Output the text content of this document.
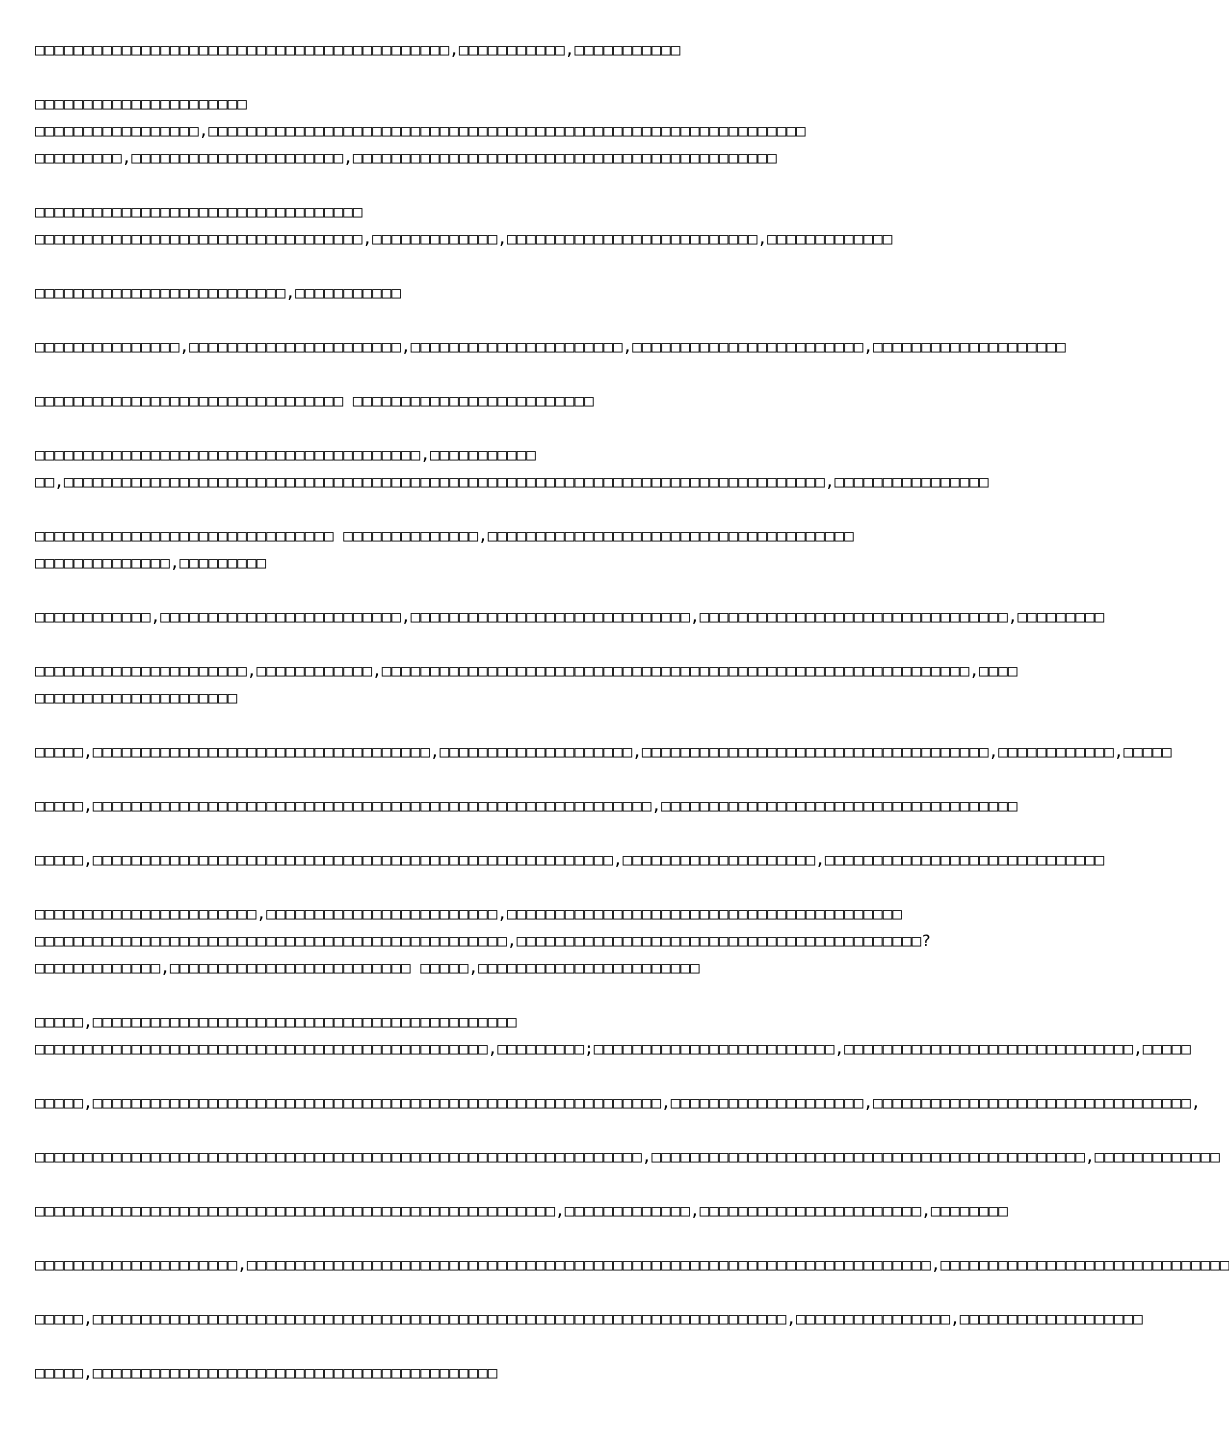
□□□□□□□□□□□□□□□□□□□□□□□□□□□□□□□□□□□□□□□□□□□,□□□□□□□□□□□,□□□□□□□□□□□
□□□□□□□□□□□□□□□□□□□□□□
□□□□□□□□□□□□□□□□□,□□□□□□□□□□□□□□□□□□□□□□□□□□□□□□□□□□□□□□□□□□□□□□□□□□□□□□□□□□□□□□
□□□□□□□□□,□□□□□□□□□□□□□□□□□□□□□□,□□□□□□□□□□□□□□□□□□□□□□□□□□□□□□□□□□□□□□□□□□□□
□□□□□□□□□□□□□□□□□□□□□□□□□□□□□□□□□□
□□□□□□□□□□□□□□□□□□□□□□□□□□□□□□□□□□,□□□□□□□□□□□□□,□□□□□□□□□□□□□□□□□□□□□□□□□□,□□□□□□□□□□□□□
□□□□□□□□□□□□□□□□□□□□□□□□□□,□□□□□□□□□□□
□□□□□□□□□□□□□□□,□□□□□□□□□□□□□□□□□□□□□□,□□□□□□□□□□□□□□□□□□□□□□,□□□□□□□□□□□□□□□□□□□□□□□□,□□□□□□□□□□□□□□□□□□□□
□□□□□□□□□□□□□□□□□□□□□□□□□□□□□□□□ □□□□□□□□□□□□□□□□□□□□□□□□□
□□□□□□□□□□□□□□□□□□□□□□□□□□□□□□□□□□□□□□□□,□□□□□□□□□□□
□□,□□□□□□□□□□□□□□□□□□□□□□□□□□□□□□□□□□□□□□□□□□□□□□□□□□□□□□□□□□□□□□□□□□□□□□□□□□□□□□□,□□□□□□□□□□□□□□□□
□□□□□□□□□□□□□□□□□□□□□□□□□□□□□□□ □□□□□□□□□□□□□□,□□□□□□□□□□□□□□□□□□□□□□□□□□□□□□□□□□□□□□
□□□□□□□□□□□□□□,□□□□□□□□□
□□□□□□□□□□□□,□□□□□□□□□□□□□□□□□□□□□□□□□,□□□□□□□□□□□□□□□□□□□□□□□□□□□□□,□□□□□□□□□□□□□□□□□□□□□□□□□□□□□□□□,□□□□□□□□□
□□□□□□□□□□□□□□□□□□□□□□,□□□□□□□□□□□□,□□□□□□□□□□□□□□□□□□□□□□□□□□□□□□□□□□□□□□□□□□□□□□□□□□□□□□□□□□□□□,□□□□
□□□□□□□□□□□□□□□□□□□□□
□□□□□,□□□□□□□□□□□□□□□□□□□□□□□□□□□□□□□□□□□,□□□□□□□□□□□□□□□□□□□□,□□□□□□□□□□□□□□□□□□□□□□□□□□□□□□□□□□□□,□□□□□□□□□□□□,□□□□□
□□□□□,□□□□□□□□□□□□□□□□□□□□□□□□□□□□□□□□□□□□□□□□□□□□□□□□□□□□□□□□□□,□□□□□□□□□□□□□□□□□□□□□□□□□□□□□□□□□□□□□
□□□□□,□□□□□□□□□□□□□□□□□□□□□□□□□□□□□□□□□□□□□□□□□□□□□□□□□□□□□□,□□□□□□□□□□□□□□□□□□□□,□□□□□□□□□□□□□□□□□□□□□□□□□□□□□
□□□□□□□□□□□□□□□□□□□□□□□,□□□□□□□□□□□□□□□□□□□□□□□□,□□□□□□□□□□□□□□□□□□□□□□□□□□□□□□□□□□□□□□□□□
□□□□□□□□□□□□□□□□□□□□□□□□□□□□□□□□□□□□□□□□□□□□□□□□□,□□□□□□□□□□□□□□□□□□□□□□□□□□□□□□□□□□□□□□□□□□?
□□□□□□□□□□□□□,□□□□□□□□□□□□□□□□□□□□□□□□□ □□□□□,□□□□□□□□□□□□□□□□□□□□□□□
□□□□□,□□□□□□□□□□□□□□□□□□□□□□□□□□□□□□□□□□□□□□□□□□□□
□□□□□□□□□□□□□□□□□□□□□□□□□□□□□□□□□□□□□□□□□□□□□□□,□□□□□□□□□;□□□□□□□□□□□□□□□□□□□□□□□□□,□□□□□□□□□□□□□□□□□□□□□□□□□□□□□□,□□□□□
□□□□□,□□□□□□□□□□□□□□□□□□□□□□□□□□□□□□□□□□□□□□□□□□□□□□□□□□□□□□□□□□□,□□□□□□□□□□□□□□□□□□□□,□□□□□□□□□□□□□□□□□□□□□□□□□□□□□□□□□,
□□□□□□□□□□□□□□□□□□□□□□□□□□□□□□□□□□□□□□□□□□□□□□□□□□□□□□□□□□□□□□□,□□□□□□□□□□□□□□□□□□□□□□□□□□□□□□□□□□□□□□□□□□□□□,□□□□□□□□□□□□□
□□□□□□□□□□□□□□□□□□□□□□□□□□□□□□□□□□□□□□□□□□□□□□□□□□□□□□,□□□□□□□□□□□□□,□□□□□□□□□□□□□□□□□□□□□□□,□□□□□□□□
□□□□□□□□□□□□□□□□□□□□□,□□□□□□□□□□□□□□□□□□□□□□□□□□□□□□□□□□□□□□□□□□□□□□□□□□□□□□□□□□□□□□□□□□□□□□□,□□□□□□□□□□□□□□□□□□□□□□□□□□□□□□
□□□□□,□□□□□□□□□□□□□□□□□□□□□□□□□□□□□□□□□□□□□□□□□□□□□□□□□□□□□□□□□□□□□□□□□□□□□□□□,□□□□□□□□□□□□□□□□,□□□□□□□□□□□□□□□□□□□
□□□□□,□□□□□□□□□□□□□□□□□□□□□□□□□□□□□□□□□□□□□□□□□□
